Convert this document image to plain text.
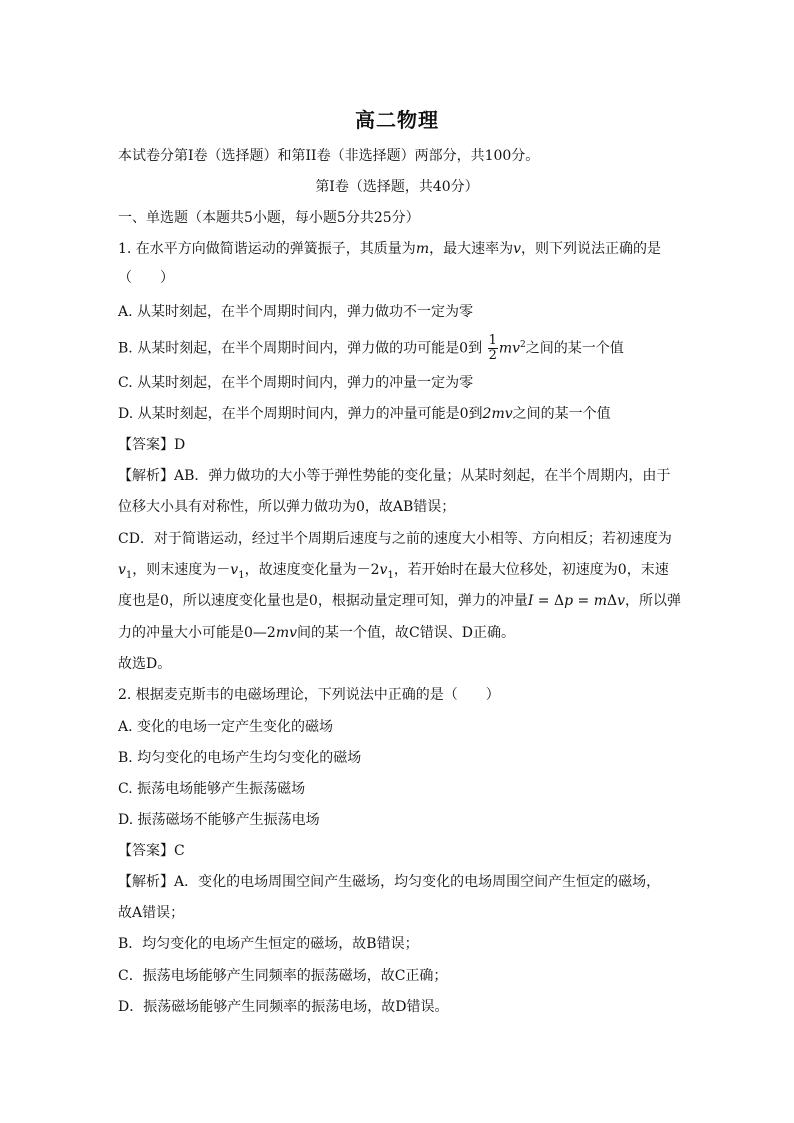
高二物理
本试卷分第I卷（选择题）和第II卷（非选择题）两部分，共100分。
第I卷（选择题，共40分）
一、单选题（本题共5小题，每小题5分共25分）
1. 在水平方向做简谐运动的弹簧振子，其质量为m，最大速率为v，则下列说法正确的是
（　　）
A. 从某时刻起，在半个周期时间内，弹力做功不一定为零
B. 从某时刻起，在半个周期时间内，弹力做的功可能是0到 $\frac{1}{2} mv^2$之间的某一个值
C. 从某时刻起，在半个周期时间内，弹力的冲量一定为零
D. 从某时刻起，在半个周期时间内，弹力的冲量可能是0到2mv之间的某一个值
【答案】D
【解析】AB．弹力做功的大小等于弹性势能的变化量；从某时刻起，在半个周期内，由于
位移大小具有对称性，所以弹力做功为0，故AB错误；
CD．对于简谐运动，经过半个周期后速度与之前的速度大小相等、方向相反；若初速度为
$v_1$，则末速度为$-v_1$，故速度变化量为$-2v_1$，若开始时在最大位移处，初速度为0，末速
度也是0，所以速度变化量也是0，根据动量定理可知，弹力的冲量I = Δp = mΔv，所以弹
力的冲量大小可能是0—2mv间的某一个值，故C错误、D正确。
故选D。
2. 根据麦克斯韦的电磁场理论，下列说法中正确的是（　　）
A. 变化的电场一定产生变化的磁场
B. 均匀变化的电场产生均匀变化的磁场
C. 振荡电场能够产生振荡磁场
D. 振荡磁场不能够产生振荡电场
【答案】C
【解析】A．变化的电场周围空间产生磁场，均匀变化的电场周围空间产生恒定的磁场，
故A错误；
B．均匀变化的电场产生恒定的磁场，故B错误；
C．振荡电场能够产生同频率的振荡磁场，故C正确；
D．振荡磁场能够产生同频率的振荡电场，故D错误。
